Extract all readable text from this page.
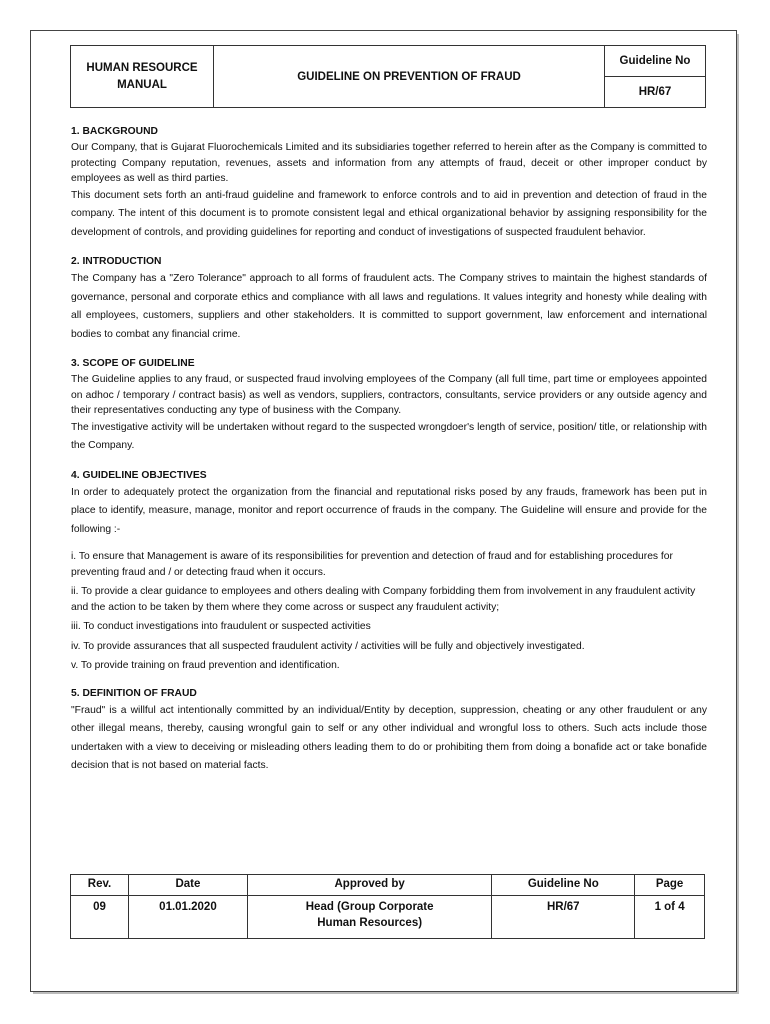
HUMAN RESOURCE
MANUAL	GUIDELINE ON PREVENTION OF FRAUD	Guideline No
HR/67

1. BACKGROUND

Our Company, that is Gujarat Fluorochemicals Limited and its subsidiaries together referred to herein after as the Company is committed to protecting Company reputation, revenues, assets and information from any attempts of fraud, deceit or other improper conduct by employees as well as third parties.

This document sets forth an anti-fraud guideline and framework to enforce controls and to aid in prevention and detection of fraud in the company. The intent of this document is to promote consistent legal and ethical organizational behavior by assigning responsibility for the development of controls, and providing guidelines for reporting and conduct of investigations of suspected fraudulent behavior.

2. INTRODUCTION

The Company has a "Zero Tolerance" approach to all forms of fraudulent acts. The Company strives to maintain the highest standards of governance, personal and corporate ethics and compliance with all laws and regulations. It values integrity and honesty while dealing with all employees, customers, suppliers and other stakeholders. It is committed to support government, law enforcement and international bodies to combat any financial crime.

3. SCOPE OF GUIDELINE

The Guideline applies to any fraud, or suspected fraud involving employees of the Company (all full time, part time or employees appointed on adhoc / temporary / contract basis) as well as vendors, suppliers, contractors, consultants, service providers or any outside agency and their representatives conducting any type of business with the Company.

The investigative activity will be undertaken without regard to the suspected wrongdoer's length of service, position/ title, or relationship with the Company.

4. GUIDELINE OBJECTIVES

In order to adequately protect the organization from the financial and reputational risks posed by any frauds, framework has been put in place to identify, measure, manage, monitor and report occurrence of frauds in the company. The Guideline will ensure and provide for the following :-

i. To ensure that Management is aware of its responsibilities for prevention and detection of fraud and for establishing procedures for preventing fraud and / or detecting fraud when it occurs.

ii. To provide a clear guidance to employees and others dealing with Company forbidding them from involvement in any fraudulent activity and the action to be taken by them where they come across or suspect any fraudulent activity;

iii. To conduct investigations into fraudulent or suspected activities

iv. To provide assurances that all suspected fraudulent activity / activities will be fully and objectively investigated.

v. To provide training on fraud prevention and identification.

5. DEFINITION OF FRAUD

"Fraud" is a willful act intentionally committed by an individual/Entity by deception, suppression, cheating or any other fraudulent or any other illegal means, thereby, causing wrongful gain to self or any other individual and wrongful loss to others. Such acts include those undertaken with a view to deceiving or misleading others leading them to do or prohibiting them from doing a bonafide act or take bonafide decision that is not based on material facts.

Rev.	Date	Approved by	Guideline No	Page
09	01.01.2020	Head (Group Corporate
Human Resources)	HR/67	1 of 4
